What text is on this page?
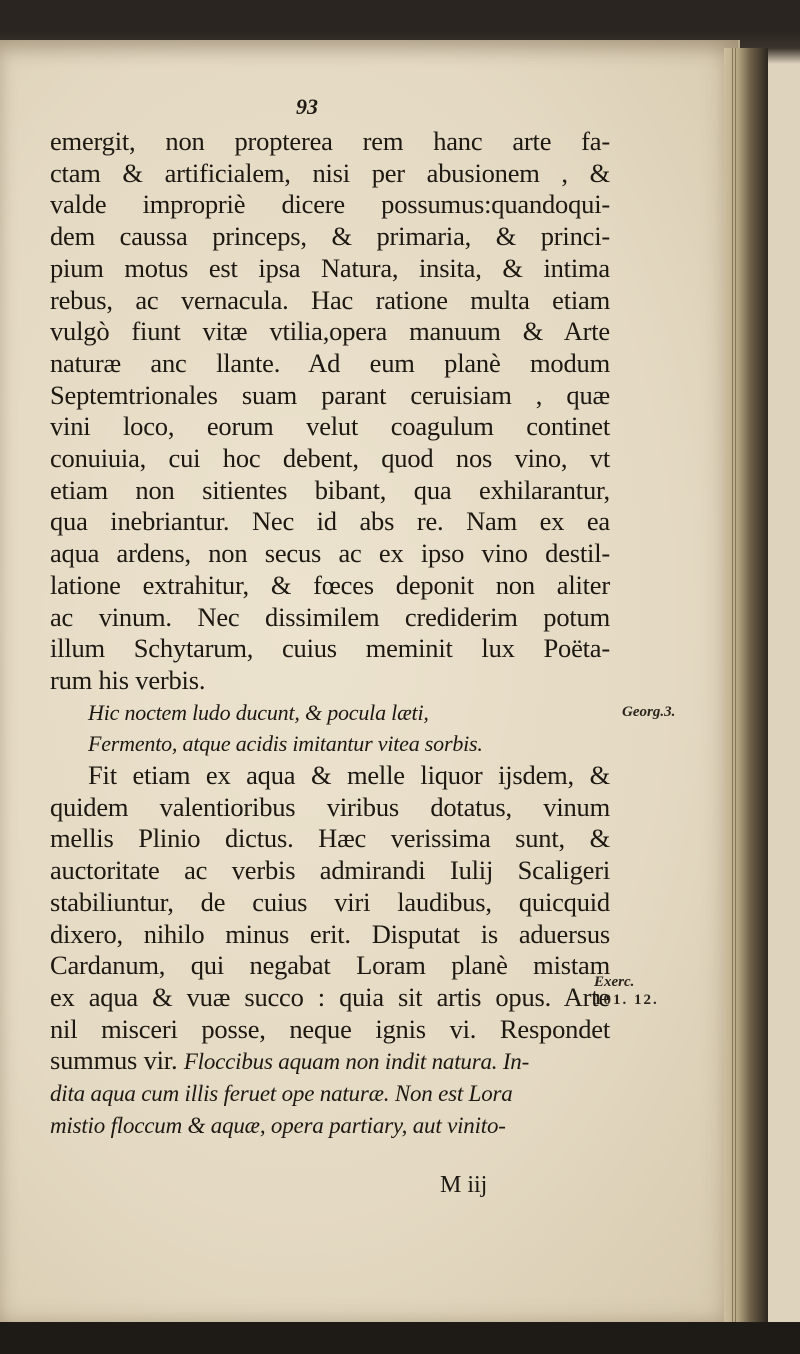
93
emergit, non propterea rem hanc arte fa-
ctam & artificialem, nisi per abusionem , &
valde impropriè dicere possumus:quandoqui-
dem caussa princeps, & primaria, & princi-
pium motus est ipsa Natura, insita, & intima
rebus, ac vernacula. Hac ratione multa etiam
vulgò fiunt vitæ vtilia,opera manuum & Arte
naturæ anc llante. Ad eum planè modum
Septemtrionales suam parant ceruisiam , quæ
vini loco, eorum velut coagulum continet
conuiuia, cui hoc debent, quod nos vino, vt
etiam non sitientes bibant, qua exhilarantur,
qua inebriantur. Nec id abs re. Nam ex ea
aqua ardens, non secus ac ex ipso vino destil-
latione extrahitur, & fœces deponit non aliter
ac vinum. Nec dissimilem crediderim potum
illum Schytarum, cuius meminit lux Poëta-
rum his verbis.
Hic noctem ludo ducunt, & pocula læti,
Fermento, atque acidis imitantur vitea sorbis.
Fit etiam ex aqua & melle liquor ijsdem, &
quidem valentioribus viribus dotatus, vinum
mellis Plinio dictus. Hæc verissima sunt, &
auctoritate ac verbis admirandi Iulij Scaligeri
stabiliuntur, de cuius viri laudibus, quicquid
dixero, nihilo minus erit. Disputat is aduersus
Cardanum, qui negabat Loram planè mistam
ex aqua & vuæ succo : quia sit artis opus. Arte
nil misceri posse, neque ignis vi. Respondet
summus vir. Floccibus aquam non indit natura. In-
dita aqua cum illis feruet ope naturæ. Non est Lora
mistio floccum & aquæ, opera partiary, aut vinito-
M iij
Georg.3.
Exerc.
101. 12.
